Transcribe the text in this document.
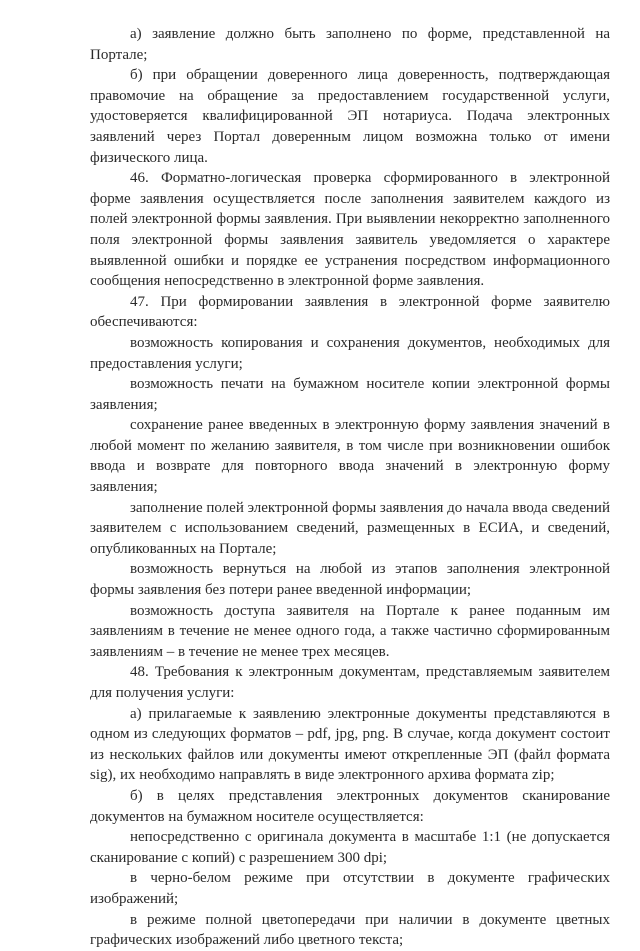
а) заявление должно быть заполнено по форме, представленной на Портале;

б) при обращении доверенного лица доверенность, подтверждающая правомочие на обращение за предоставлением государственной услуги, удостоверяется квалифицированной ЭП нотариуса. Подача электронных заявлений через Портал доверенным лицом возможна только от имени физического лица.

46. Форматно-логическая проверка сформированного в электронной форме заявления осуществляется после заполнения заявителем каждого из полей электронной формы заявления. При выявлении некорректно заполненного поля электронной формы заявления заявитель уведомляется о характере выявленной ошибки и порядке ее устранения посредством информационного сообщения непосредственно в электронной форме заявления.

47. При формировании заявления в электронной форме заявителю обеспечиваются:

возможность копирования и сохранения документов, необходимых для предоставления услуги;

возможность печати на бумажном носителе копии электронной формы заявления;

сохранение ранее введенных в электронную форму заявления значений в любой момент по желанию заявителя, в том числе при возникновении ошибок ввода и возврате для повторного ввода значений в электронную форму заявления;

заполнение полей электронной формы заявления до начала ввода сведений заявителем с использованием сведений, размещенных в ЕСИА, и сведений, опубликованных на Портале;

возможность вернуться на любой из этапов заполнения электронной формы заявления без потери ранее введенной информации;

возможность доступа заявителя на Портале к ранее поданным им заявлениям в течение не менее одного года, а также частично сформированным заявлениям – в течение не менее трех месяцев.

48. Требования к электронным документам, представляемым заявителем для получения услуги:

а) прилагаемые к заявлению электронные документы представляются в одном из следующих форматов – pdf, jpg, png. В случае, когда документ состоит из нескольких файлов или документы имеют открепленные ЭП (файл формата sig), их необходимо направлять в виде электронного архива формата zip;

б) в целях представления электронных документов сканирование документов на бумажном носителе осуществляется:

непосредственно с оригинала документа в масштабе 1:1 (не допускается сканирование с копий) с разрешением 300 dpi;

в черно-белом режиме при отсутствии в документе графических изображений;

в режиме полной цветопередачи при наличии в документе цветных графических изображений либо цветного текста;
